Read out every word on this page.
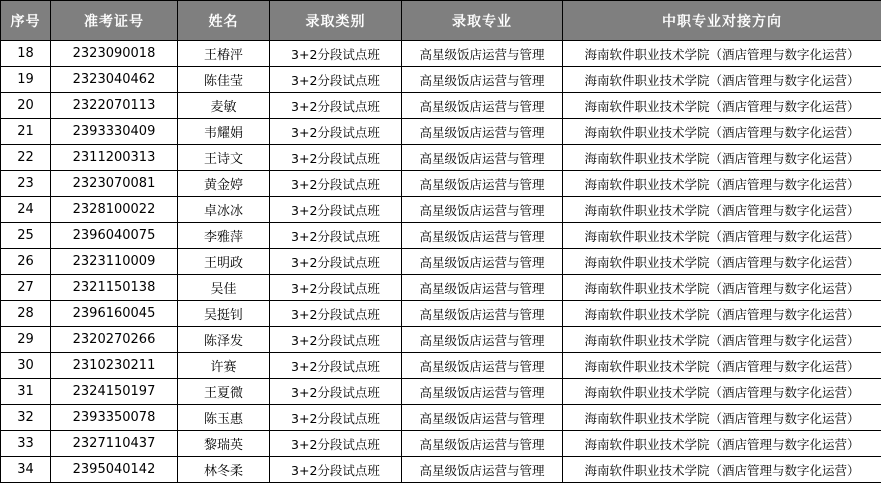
序号	准考证号	姓名	录取类别	录取专业	中职专业对接方向
18	2323090018	王椿泙	3+2分段试点班	高星级饭店运营与管理	海南软件职业技术学院（酒店管理与数字化运营）
19	2323040462	陈佳莹	3+2分段试点班	高星级饭店运营与管理	海南软件职业技术学院（酒店管理与数字化运营）
20	2322070113	麦敏	3+2分段试点班	高星级饭店运营与管理	海南软件职业技术学院（酒店管理与数字化运营）
21	2393330409	韦耀娟	3+2分段试点班	高星级饭店运营与管理	海南软件职业技术学院（酒店管理与数字化运营）
22	2311200313	王诗文	3+2分段试点班	高星级饭店运营与管理	海南软件职业技术学院（酒店管理与数字化运营）
23	2323070081	黄金婷	3+2分段试点班	高星级饭店运营与管理	海南软件职业技术学院（酒店管理与数字化运营）
24	2328100022	卓冰冰	3+2分段试点班	高星级饭店运营与管理	海南软件职业技术学院（酒店管理与数字化运营）
25	2396040075	李雅萍	3+2分段试点班	高星级饭店运营与管理	海南软件职业技术学院（酒店管理与数字化运营）
26	2323110009	王明政	3+2分段试点班	高星级饭店运营与管理	海南软件职业技术学院（酒店管理与数字化运营）
27	2321150138	吴佳	3+2分段试点班	高星级饭店运营与管理	海南软件职业技术学院（酒店管理与数字化运营）
28	2396160045	吴挺钊	3+2分段试点班	高星级饭店运营与管理	海南软件职业技术学院（酒店管理与数字化运营）
29	2320270266	陈泽发	3+2分段试点班	高星级饭店运营与管理	海南软件职业技术学院（酒店管理与数字化运营）
30	2310230211	许赛	3+2分段试点班	高星级饭店运营与管理	海南软件职业技术学院（酒店管理与数字化运营）
31	2324150197	王夏微	3+2分段试点班	高星级饭店运营与管理	海南软件职业技术学院（酒店管理与数字化运营）
32	2393350078	陈玉惠	3+2分段试点班	高星级饭店运营与管理	海南软件职业技术学院（酒店管理与数字化运营）
33	2327110437	黎瑞英	3+2分段试点班	高星级饭店运营与管理	海南软件职业技术学院（酒店管理与数字化运营）
34	2395040142	林冬柔	3+2分段试点班	高星级饭店运营与管理	海南软件职业技术学院（酒店管理与数字化运营）
